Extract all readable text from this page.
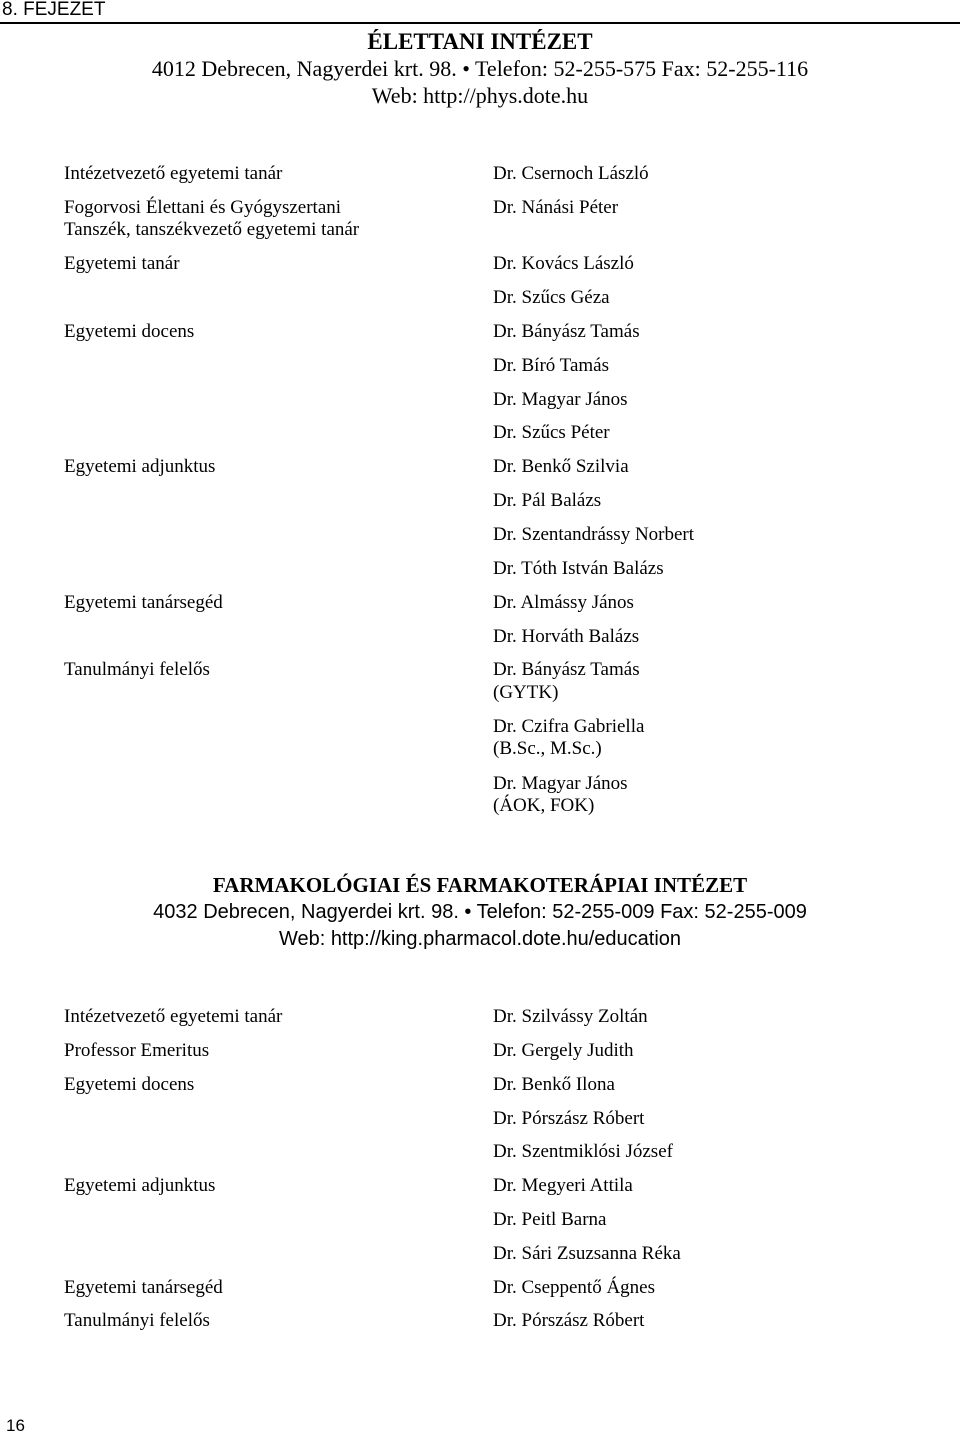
8. FEJEZET
ÉLETTANI INTÉZET
4012 Debrecen, Nagyerdei krt. 98. • Telefon: 52-255-575 Fax: 52-255-116
Web: http://phys.dote.hu
Intézetvezető egyetemi tanár
Fogorvosi Élettani és Gyógyszertani
Tanszék, tanszékvezető egyetemi tanár
Egyetemi tanár
Egyetemi docens
Egyetemi adjunktus
Egyetemi tanársegéd
Tanulmányi felelős
Dr. Csernoch László
Dr. Nánási Péter
Dr. Kovács László
Dr. Szűcs Géza
Dr. Bányász Tamás
Dr. Bíró Tamás
Dr. Magyar János
Dr. Szűcs Péter
Dr. Benkő Szilvia
Dr. Pál Balázs
Dr. Szentandrássy Norbert
Dr. Tóth István Balázs
Dr. Almássy János
Dr. Horváth Balázs
Dr. Bányász Tamás
(GYTK)
Dr. Czifra Gabriella
(B.Sc., M.Sc.)
Dr. Magyar János
(ÁOK, FOK)
FARMAKOLÓGIAI ÉS FARMAKOTERÁPIAI INTÉZET
4032 Debrecen, Nagyerdei krt. 98. • Telefon: 52-255-009 Fax: 52-255-009
Web: http://king.pharmacol.dote.hu/education
Intézetvezető egyetemi tanár
Professor Emeritus
Egyetemi docens
Egyetemi adjunktus
Egyetemi tanársegéd
Tanulmányi felelős
Dr. Szilvássy Zoltán
Dr. Gergely Judith
Dr. Benkő Ilona
Dr. Pórszász Róbert
Dr. Szentmiklósi József
Dr. Megyeri Attila
Dr. Peitl Barna
Dr. Sári Zsuzsanna Réka
Dr. Cseppentő Ágnes
Dr. Pórszász Róbert
16
